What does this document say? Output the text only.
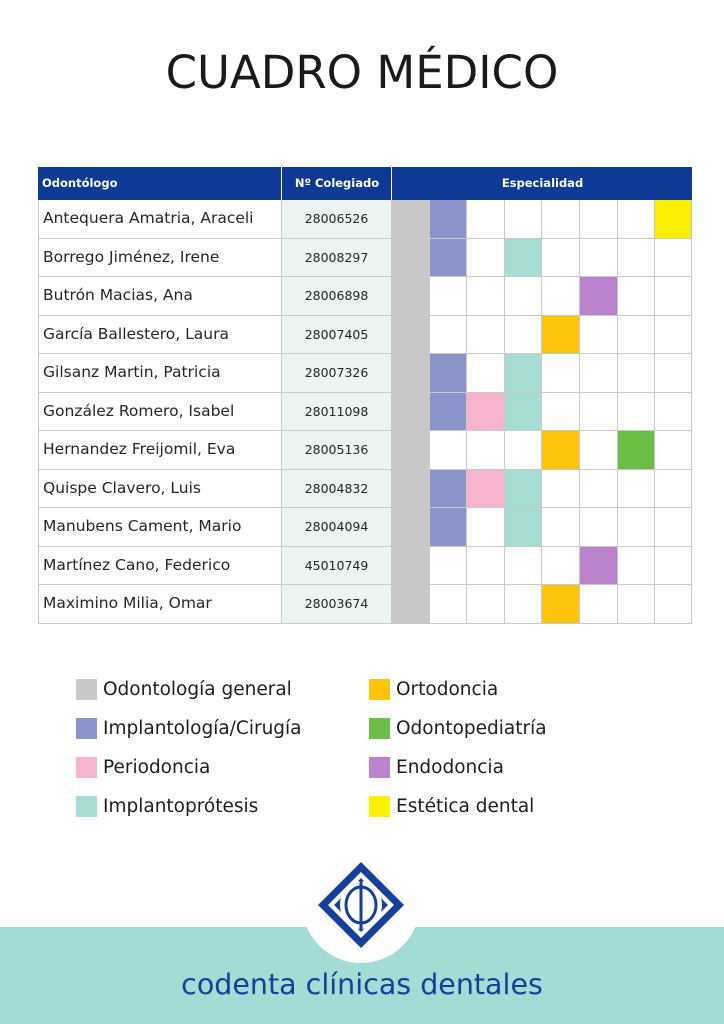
CUADRO MÉDICO
Odontólogo	Nº Colegiado	Especialidad
Antequera Amatria, Araceli	28006526
Borrego Jiménez, Irene	28008297
Butrón Macias, Ana	28006898
García Ballestero, Laura	28007405
Gilsanz Martin, Patricia	28007326
González Romero, Isabel	28011098
Hernandez Freijomil, Eva	28005136
Quispe Clavero, Luis	28004832
Manubens Cament, Mario	28004094
Martínez Cano, Federico	45010749
Maximino Milia, Omar	28003674
Odontología general
Implantología/Cirugía
Periodoncia
Implantoprótesis
Ortodoncia
Odontopediatría
Endodoncia
Estética dental
codenta clínicas dentales
